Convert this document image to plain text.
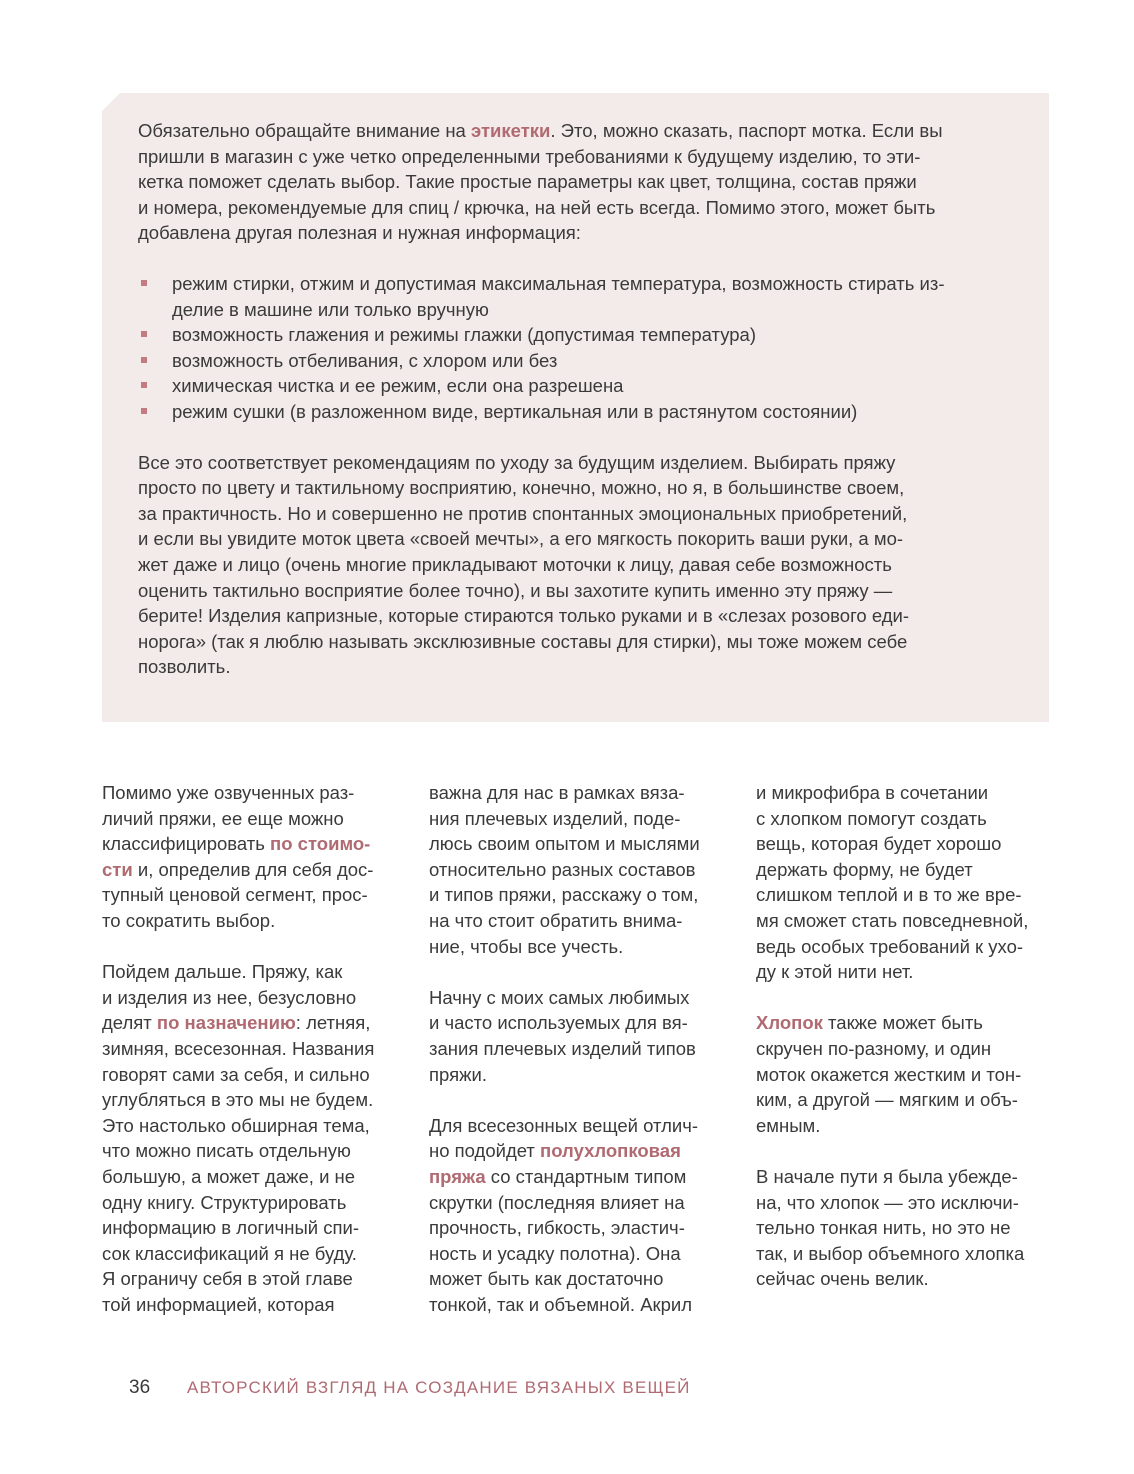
Обязательно обращайте внимание на этикетки. Это, можно сказать, паспорт мотка. Если вы
пришли в магазин с уже четко определенными требованиями к будущему изделию, то эти-
кетка поможет сделать выбор. Такие простые параметры как цвет, толщина, состав пряжи
и номера, рекомендуемые для спиц / крючка, на ней есть всегда. Помимо этого, может быть
добавлена другая полезная и нужная информация:
режим стирки, отжим и допустимая максимальная температура, возможность стирать из-
делие в машине или только вручную
возможность глажения и режимы глажки (допустимая температура)
возможность отбеливания, с хлором или без
химическая чистка и ее режим, если она разрешена
режим сушки (в разложенном виде, вертикальная или в растянутом состоянии)
Все это соответствует рекомендациям по уходу за будущим изделием. Выбирать пряжу
просто по цвету и тактильному восприятию, конечно, можно, но я, в большинстве своем,
за практичность. Но и совершенно не против спонтанных эмоциональных приобретений,
и если вы увидите моток цвета «своей мечты», а его мягкость покорить ваши руки, а мо-
жет даже и лицо (очень многие прикладывают моточки к лицу, давая себе возможность
оценить тактильно восприятие более точно), и вы захотите купить именно эту пряжу —
берите! Изделия капризные, которые стираются только руками и в «слезах розового еди-
норога» (так я люблю называть эксклюзивные составы для стирки), мы тоже можем себе
позволить.
Помимо уже озвученных раз-
личий пряжи, ее еще можно
классифицировать по стоимо-
сти и, определив для себя дос-
тупный ценовой сегмент, прос-
то сократить выбор.
Пойдем дальше. Пряжу, как
и изделия из нее, безусловно
делят по назначению: летняя,
зимняя, всесезонная. Названия
говорят сами за себя, и сильно
углубляться в это мы не будем.
Это настолько обширная тема,
что можно писать отдельную
большую, а может даже, и не
одну книгу. Структурировать
информацию в логичный спи-
сок классификаций я не буду.
Я ограничу себя в этой главе
той информацией, которая
важна для нас в рамках вяза-
ния плечевых изделий, поде-
люсь своим опытом и мыслями
относительно разных составов
и типов пряжи, расскажу о том,
на что стоит обратить внима-
ние, чтобы все учесть.
Начну с моих самых любимых
и часто используемых для вя-
зания плечевых изделий типов
пряжи.
Для всесезонных вещей отлич-
но подойдет полухлопковая
пряжа со стандартным типом
скрутки (последняя влияет на
прочность, гибкость, эластич-
ность и усадку полотна). Она
может быть как достаточно
тонкой, так и объемной. Акрил
и микрофибра в сочетании
с хлопком помогут создать
вещь, которая будет хорошо
держать форму, не будет
слишком теплой и в то же вре-
мя сможет стать повседневной,
ведь особых требований к ухо-
ду к этой нити нет.
Хлопок также может быть
скручен по-разному, и один
моток окажется жестким и тон-
ким, а другой — мягким и объ-
емным.
В начале пути я была убежде-
на, что хлопок — это исключи-
тельно тонкая нить, но это не
так, и выбор объемного хлопка
сейчас очень велик.
36 АВТОРСКИЙ ВЗГЛЯД НА СОЗДАНИЕ ВЯЗАНЫХ ВЕЩЕЙ
